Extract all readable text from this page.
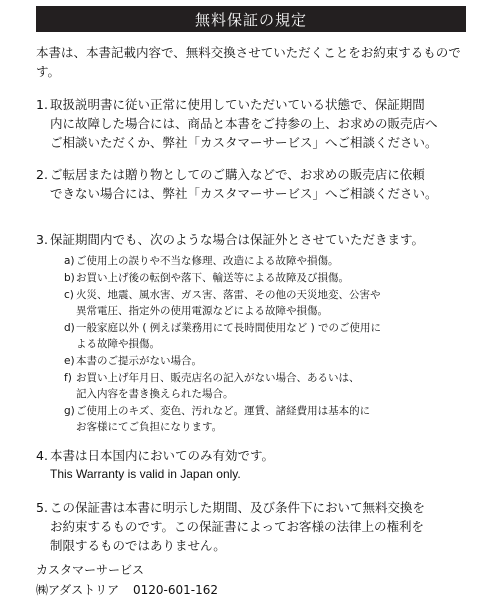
無料保証の規定

本書は、本書記載内容で、無料交換させていただくことをお約束するものです。

1. 取扱説明書に従い正常に使用していただいている状態で、保証期間
内に故障した場合には、商品と本書をご持参の上、お求めの販売店へ
ご相談いただくか、弊社「カスタマーサービス」へご相談ください。
2. ご転居または贈り物としてのご購入などで、お求めの販売店に依頼
できない場合には、弊社「カスタマーサービス」へご相談ください。
3. 保証期間内でも、次のような場合は保証外とさせていただきます。
a) ご使用上の誤りや不当な修理、改造による故障や損傷。
b) お買い上げ後の転倒や落下、輸送等による故障及び損傷。
c) 火災、地震、風水害、ガス害、落雷、その他の天災地変、公害や
異常電圧、指定外の使用電源などによる故障や損傷。
d) 一般家庭以外 ( 例えば業務用にて長時間使用など ) でのご使用に
よる故障や損傷。
e) 本書のご提示がない場合。
f) お買い上げ年月日、販売店名の記入がない場合、あるいは、
記入内容を書き換えられた場合。
g) ご使用上のキズ、変色、汚れなど。運賃、諸経費用は基本的に
お客様にてご負担になります。
4. 本書は日本国内においてのみ有効です。
This Warranty is valid in Japan only.
5. この保証書は本書に明示した期間、及び条件下において無料交換を
お約束するものです。この保証書によってお客様の法律上の権利を
制限するものではありません。
カスタマーサービス
㈱アダストリア 0120-601-162
